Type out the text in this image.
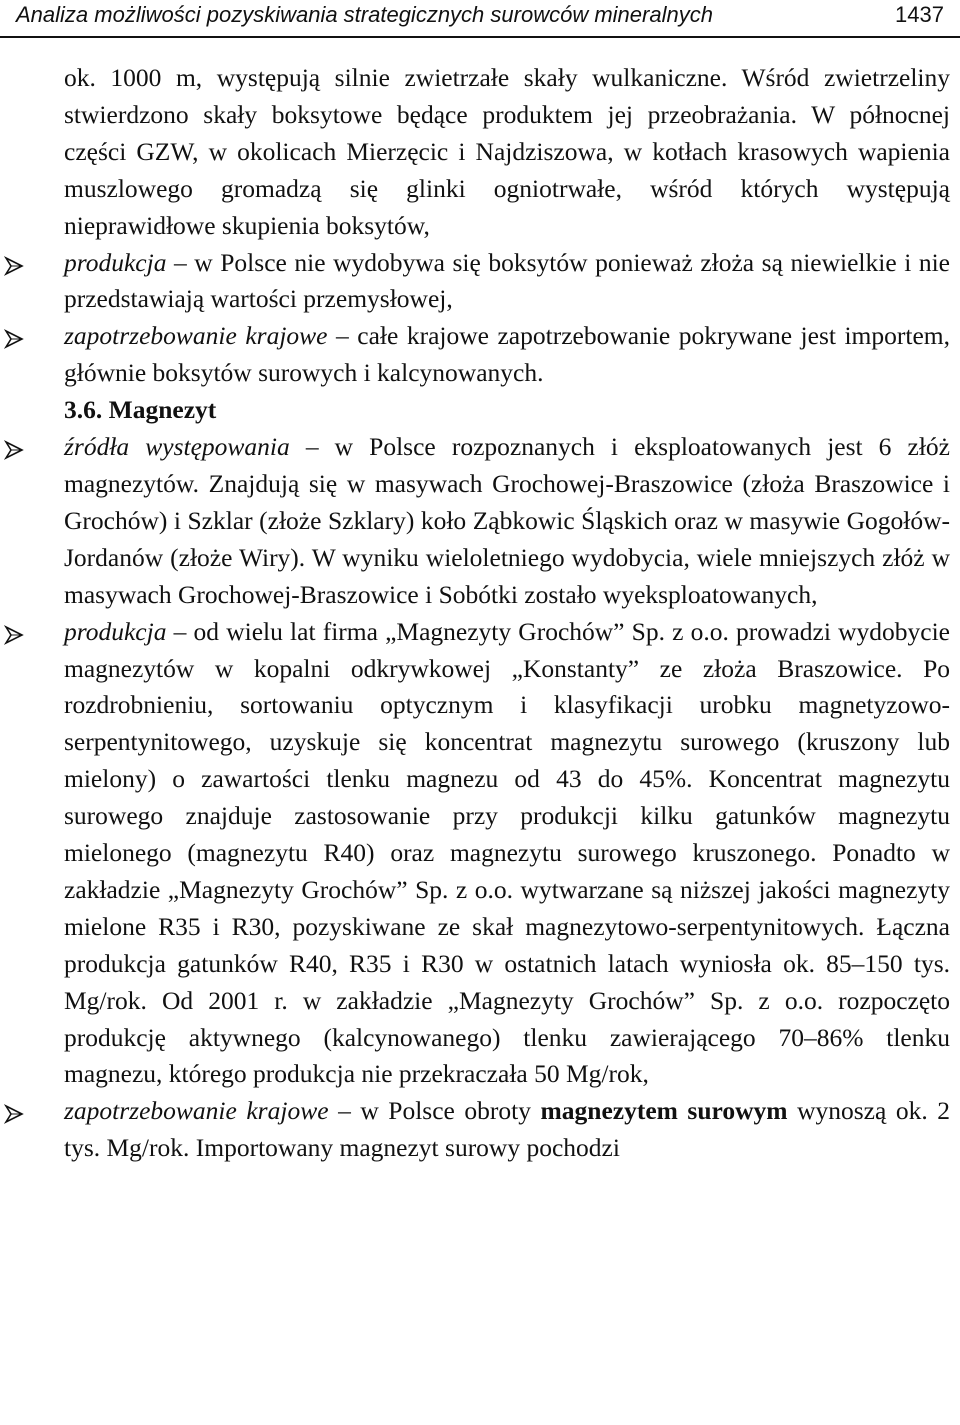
Analiza możliwości pozyskiwania strategicznych surowców mineralnych	1437

ok. 1000 m, występują silnie zwietrzałe skały wulkaniczne. Wśród zwietrzeliny stwierdzono skały boksytowe będące produktem jej przeobrażania. W północnej części GZW, w okolicach Mierzęcic i Najdziszowa, w kotłach krasowych wapienia muszlowego gromadzą się glinki ogniotrwałe, wśród których występują nieprawidłowe skupienia boksytów,

produkcja – w Polsce nie wydobywa się boksytów ponieważ złoża są niewielkie i nie przedstawiają wartości przemysłowej,

zapotrzebowanie krajowe – całe krajowe zapotrzebowanie pokrywane jest importem, głównie boksytów surowych i kalcynowanych.

3.6. Magnezyt

źródła występowania – w Polsce rozpoznanych i eksploatowanych jest 6 złóż magnezytów. Znajdują się w masywach Grochowej-Braszowice (złoża Braszowice i Grochów) i Szklar (złoże Szklary) koło Ząbkowic Śląskich oraz w masywie Gogołów-Jordanów (złoże Wiry). W wyniku wieloletniego wydobycia, wiele mniejszych złóż w masywach Grochowej-Braszowice i Sobótki zostało wyeksploatowanych,

produkcja – od wielu lat firma „Magnezyty Grochów” Sp. z o.o. prowadzi wydobycie magnezytów w kopalni odkrywkowej „Konstanty” ze złoża Braszowice. Po rozdrobnieniu, sortowaniu optycznym i klasyfikacji urobku magnetyzowo-serpentynitowego, uzyskuje się koncentrat magnezytu surowego (kruszony lub mielony) o zawartości tlenku magnezu od 43 do 45%. Koncentrat magnezytu surowego znajduje zastosowanie przy produkcji kilku gatunków magnezytu mielonego (magnezytu R40) oraz magnezytu surowego kruszonego. Ponadto w zakładzie „Magnezyty Grochów” Sp. z o.o. wytwarzane są niższej jakości magnezyty mielone R35 i R30, pozyskiwane ze skał magnezytowo-serpentynitowych. Łączna produkcja gatunków R40, R35 i R30 w ostatnich latach wyniosła ok. 85–150 tys. Mg/rok. Od 2001 r. w zakładzie „Magnezyty Grochów” Sp. z o.o. rozpoczęto produkcję aktywnego (kalcynowanego) tlenku zawierającego 70–86% tlenku magnezu, którego produkcja nie przekraczała 50 Mg/rok,

zapotrzebowanie krajowe – w Polsce obroty magnezytem surowym wynoszą ok. 2 tys. Mg/rok. Importowany magnezyt surowy pochodzi
